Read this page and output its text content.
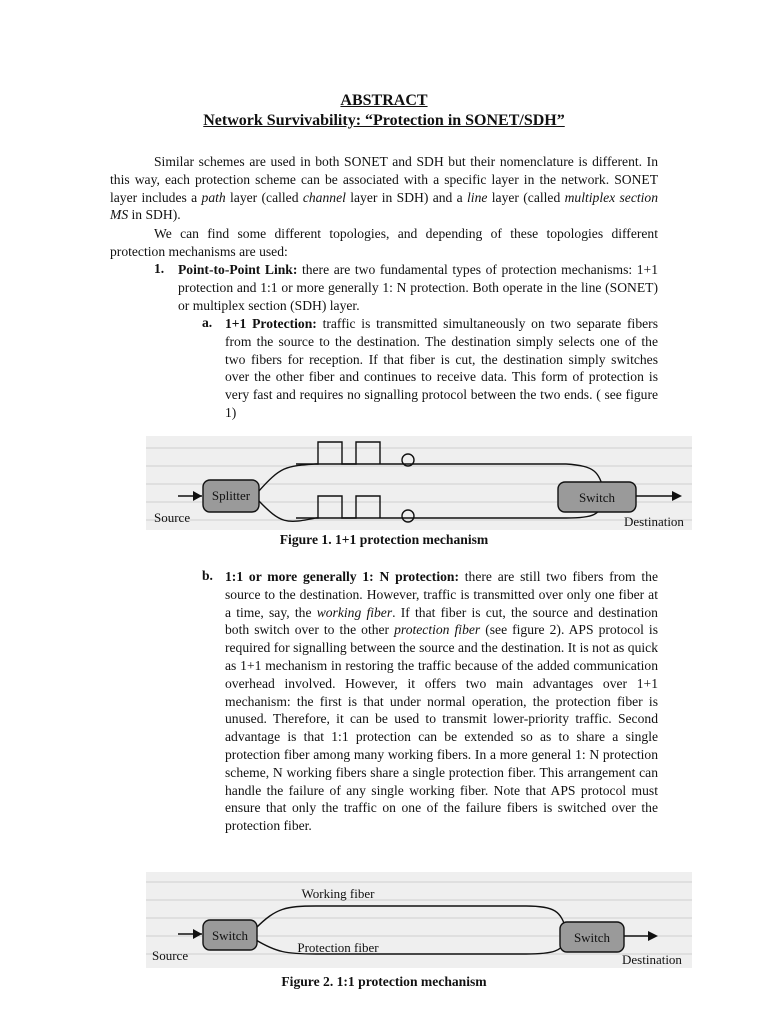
ABSTRACT
Network Survivability: “Protection in SONET/SDH”

Similar schemes are used in both SONET and SDH but their nomenclature is different. In this way, each protection scheme can be associated with a specific layer in the network. SONET layer includes a path layer (called channel layer in SDH) and a line layer (called multiplex section MS in SDH).

We can find some different topologies, and depending of these topologies different protection mechanisms are used:

1. Point-to-Point Link: there are two fundamental types of protection mechanisms: 1+1 protection and 1:1 or more generally 1: N protection. Both operate in the line (SONET) or multiplex section (SDH) layer.

a. 1+1 Protection: traffic is transmitted simultaneously on two separate fibers from the source to the destination. The destination simply selects one of the two fibers for reception. If that fiber is cut, the destination simply switches over the other fiber and continues to receive data. This form of protection is very fast and requires no signalling protocol between the two ends. ( see figure 1)

Splitter	Switch
Source	Destination
Figure 1. 1+1 protection mechanism
b. 1:1 or more generally 1: N protection: there are still two fibers from the source to the destination. However, traffic is transmitted over only one fiber at a time, say, the working fiber. If that fiber is cut, the source and destination both switch over to the other protection fiber (see figure 2). APS protocol is required for signalling between the source and the destination. It is not as quick as 1+1 mechanism in restoring the traffic because of the added communication overhead involved. However, it offers two main advantages over 1+1 mechanism: the first is that under normal operation, the protection fiber is unused. Therefore, it can be used to transmit lower-priority traffic. Second advantage is that 1:1 protection can be extended so as to share a single protection fiber among many working fibers. In a more general 1: N protection scheme, N working fibers share a single protection fiber. This arrangement can handle the failure of any single working fiber. Note that APS protocol must ensure that only the traffic on one of the failure fibers is switched over the protection fiber.

Switch	Switch
Working fiber
Protection fiber
Source	Destination
Figure 2. 1:1 protection mechanism
